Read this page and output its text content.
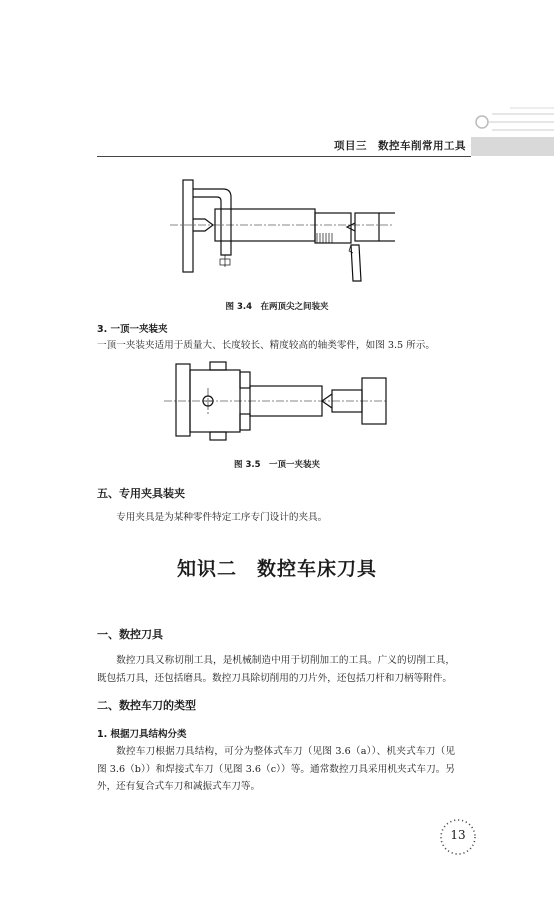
项目三　数控车削常用工具
图 3.4　在两顶尖之间装夹
3. 一顶一夹装夹
一顶一夹装夹适用于质量大、长度较长、精度较高的轴类零件，如图 3.5 所示。
图 3.5　一顶一夹装夹
五、专用夹具装夹
专用夹具是为某种零件特定工序专门设计的夹具。
知识二　数控车床刀具
一、数控刀具
数控刀具又称切削工具，是机械制造中用于切削加工的工具。广义的切削工具，既包括刀具，还包括磨具。数控刀具除切削用的刀片外，还包括刀杆和刀柄等附件。
二、数控车刀的类型
1. 根据刀具结构分类
数控车刀根据刀具结构，可分为整体式车刀（见图 3.6（a））、机夹式车刀（见图 3.6（b））和焊接式车刀（见图 3.6（c））等。通常数控刀具采用机夹式车刀。另外，还有复合式车刀和减振式车刀等。
13
